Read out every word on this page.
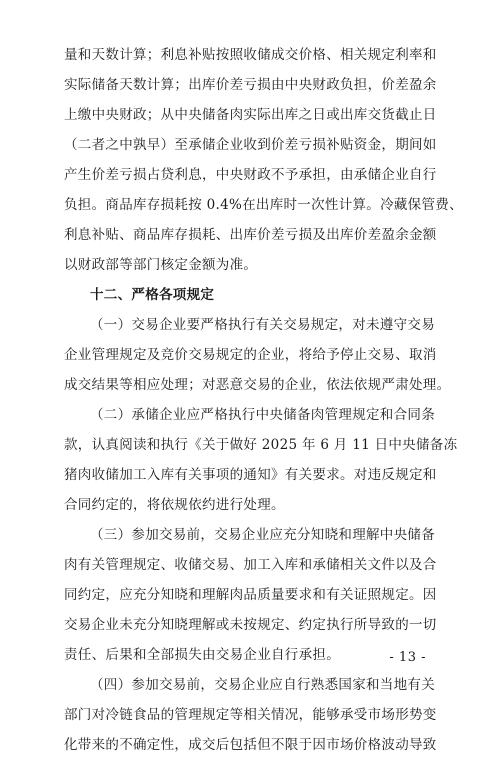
量和天数计算；利息补贴按照收储成交价格、相关规定利率和
实际储备天数计算；出库价差亏损由中央财政负担，价差盈余
上缴中央财政；从中央储备肉实际出库之日或出库交货截止日
（二者之中孰早）至承储企业收到价差亏损补贴资金，期间如
产生价差亏损占贷利息，中央财政不予承担，由承储企业自行
负担。商品库存损耗按 0.4%在出库时一次性计算。冷藏保管费、
利息补贴、商品库存损耗、出库价差亏损及出库价差盈余金额
以财政部等部门核定金额为准。
十二、严格各项规定
（一）交易企业要严格执行有关交易规定，对未遵守交易
企业管理规定及竞价交易规定的企业，将给予停止交易、取消
成交结果等相应处理；对恶意交易的企业，依法依规严肃处理。
（二）承储企业应严格执行中央储备肉管理规定和合同条
款，认真阅读和执行《关于做好 2025 年 6 月 11 日中央储备冻
猪肉收储加工入库有关事项的通知》有关要求。对违反规定和
合同约定的，将依规依约进行处理。
（三）参加交易前，交易企业应充分知晓和理解中央储备
肉有关管理规定、收储交易、加工入库和承储相关文件以及合
同约定，应充分知晓和理解肉品质量要求和有关证照规定。因
交易企业未充分知晓理解或未按规定、约定执行所导致的一切
责任、后果和全部损失由交易企业自行承担。
（四）参加交易前，交易企业应自行熟悉国家和当地有关
部门对冷链食品的管理规定等相关情况，能够承受市场形势变
化带来的不确定性，成交后包括但不限于因市场价格波动导致
- 13 -
